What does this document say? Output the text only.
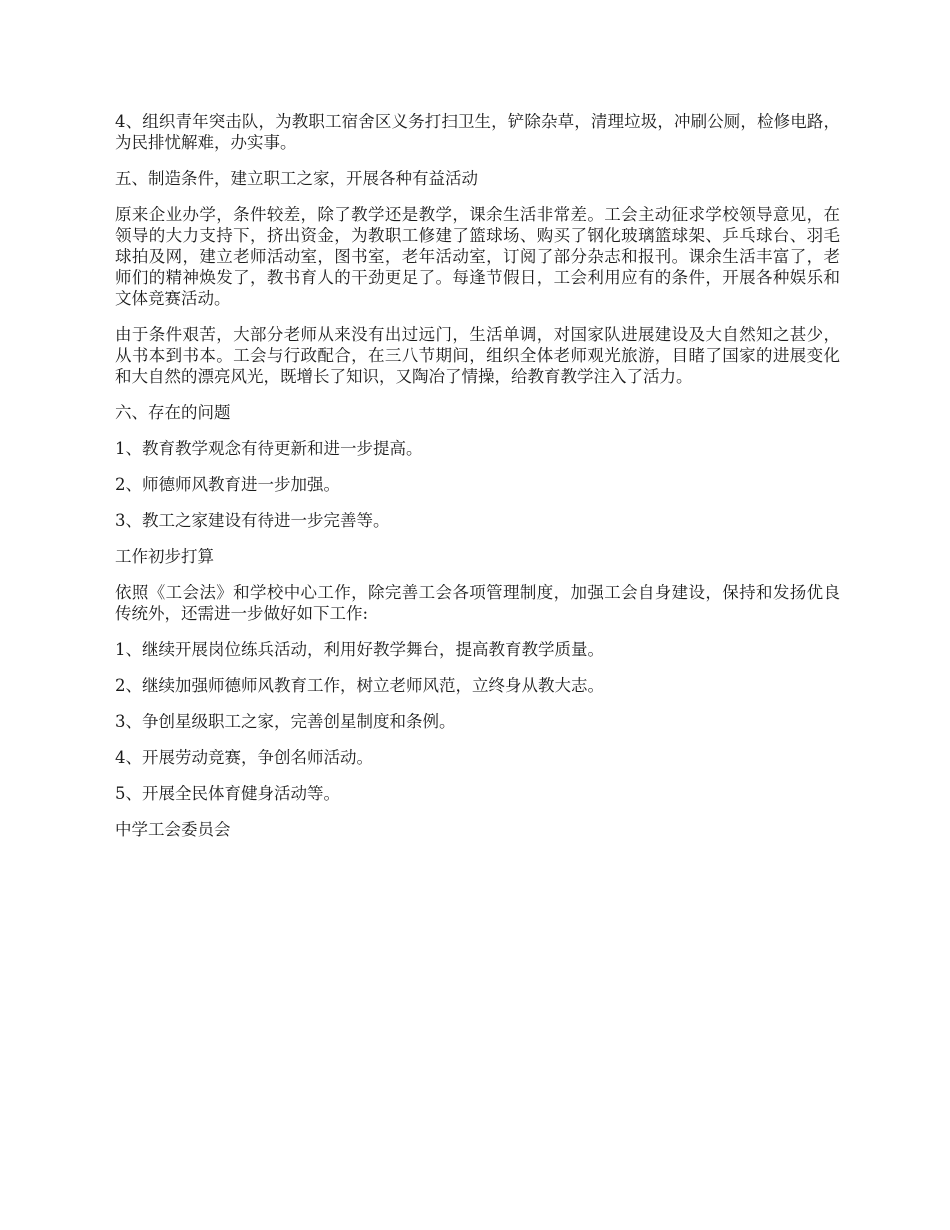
4、组织青年突击队，为教职工宿舍区义务打扫卫生，铲除杂草，清理垃圾，冲刷公厕，检修电路，为民排忧解难，办实事。

五、制造条件，建立职工之家，开展各种有益活动

原来企业办学，条件较差，除了教学还是教学，课余生活非常差。工会主动征求学校领导意见，在领导的大力支持下，挤出资金，为教职工修建了篮球场、购买了钢化玻璃篮球架、乒乓球台、羽毛球拍及网，建立老师活动室，图书室，老年活动室，订阅了部分杂志和报刊。课余生活丰富了，老师们的精神焕发了，教书育人的干劲更足了。每逢节假日，工会利用应有的条件，开展各种娱乐和文体竞赛活动。

由于条件艰苦，大部分老师从来没有出过远门，生活单调，对国家队进展建设及大自然知之甚少，从书本到书本。工会与行政配合，在三八节期间，组织全体老师观光旅游，目睹了国家的进展变化和大自然的漂亮风光，既增长了知识，又陶冶了情操，给教育教学注入了活力。

六、存在的问题

1、教育教学观念有待更新和进一步提高。

2、师德师风教育进一步加强。

3、教工之家建设有待进一步完善等。

工作初步打算

依照《工会法》和学校中心工作，除完善工会各项管理制度，加强工会自身建设，保持和发扬优良传统外，还需进一步做好如下工作:

1、继续开展岗位练兵活动，利用好教学舞台，提高教育教学质量。

2、继续加强师德师风教育工作，树立老师风范，立终身从教大志。

3、争创星级职工之家，完善创星制度和条例。

4、开展劳动竞赛，争创名师活动。

5、开展全民体育健身活动等。

中学工会委员会
